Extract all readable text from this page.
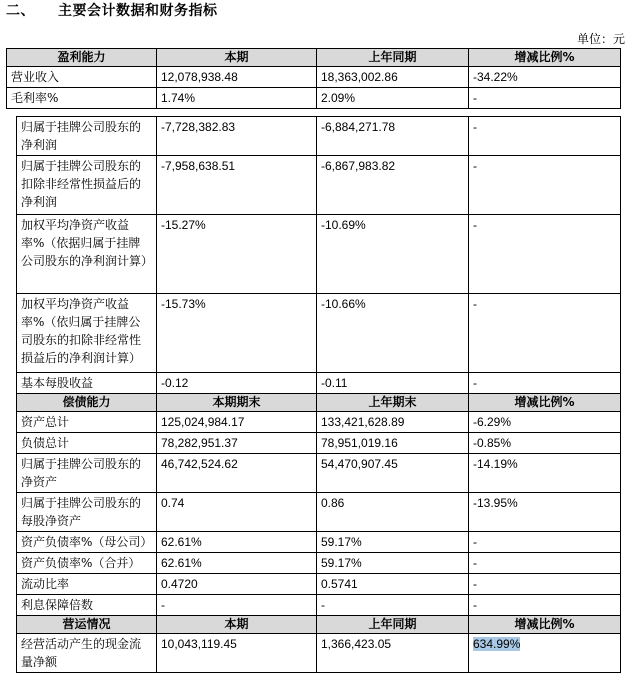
二、 主要会计数据和财务指标
单位：元
盈利能力	本期	上年同期	增减比例%
营业收入	12,078,938.48	18,363,002.86	-34.22%
毛利率%	1.74%	2.09%	-
归属于挂牌公司股东的净利润	-7,728,382.83	-6,884,271.78	-
归属于挂牌公司股东的扣除非经常性损益后的净利润	-7,958,638.51	-6,867,983.82	-
加权平均净资产收益率%（依据归属于挂牌公司股东的净利润计算）	-15.27%	-10.69%	-
加权平均净资产收益率%（依归属于挂牌公司股东的扣除非经常性损益后的净利润计算）	-15.73%	-10.66%	-
基本每股收益	-0.12	-0.11	-
偿债能力	本期期末	上年期末	增减比例%
资产总计	125,024,984.17	133,421,628.89	-6.29%
负债总计	78,282,951.37	78,951,019.16	-0.85%
归属于挂牌公司股东的净资产	46,742,524.62	54,470,907.45	-14.19%
归属于挂牌公司股东的每股净资产	0.74	0.86	-13.95%
资产负债率%（母公司）	62.61%	59.17%	-
资产负债率%（合并）	62.61%	59.17%	-
流动比率	0.4720	0.5741	-
利息保障倍数	-	-	-
营运情况	本期	上年同期	增减比例%
经营活动产生的现金流量净额	10,043,119.45	1,366,423.05	634.99%
